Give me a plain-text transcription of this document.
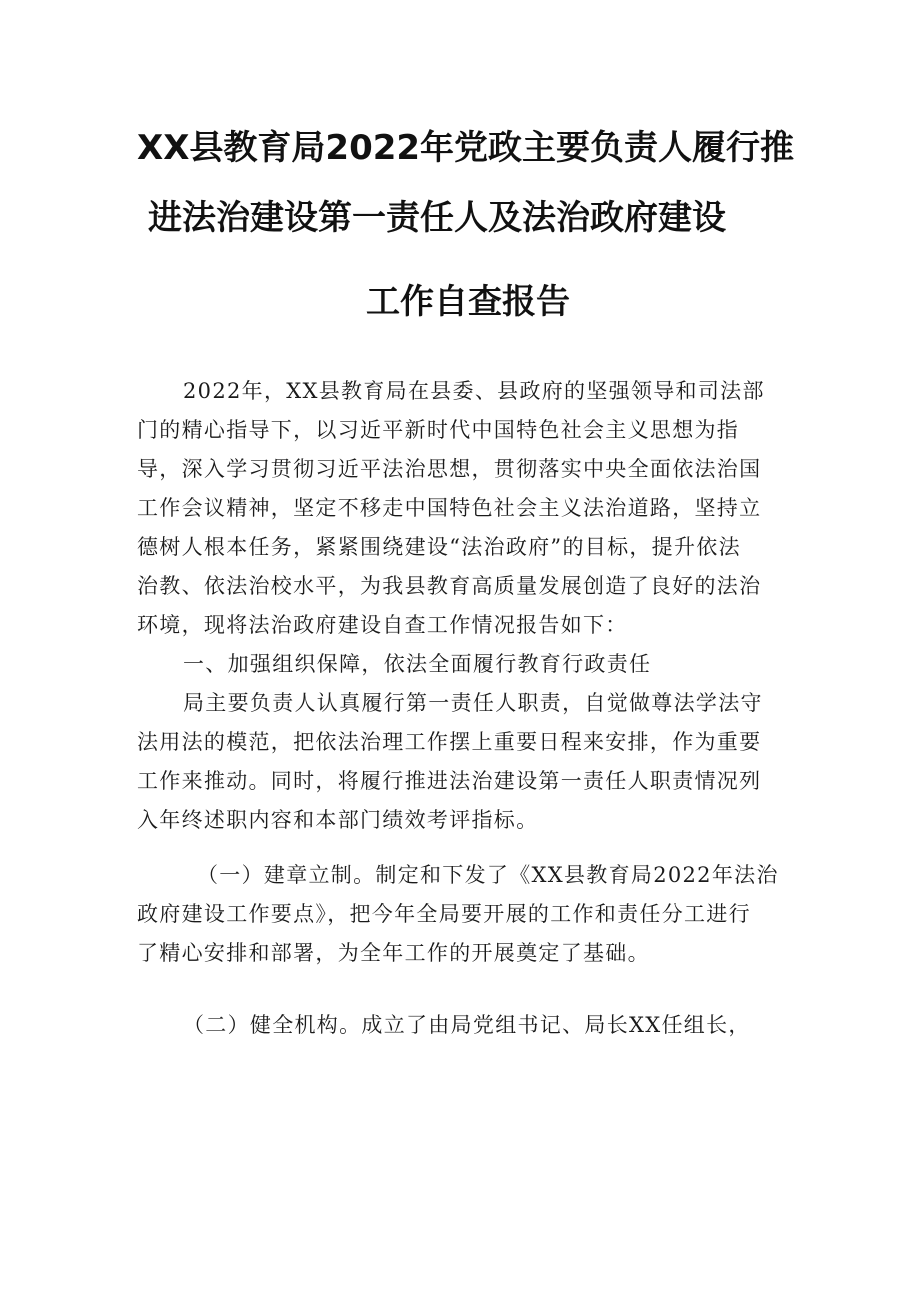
XX县教育局2022年党政主要负责人履行推
进法治建设第一责任人及法治政府建设
工作自查报告
2022年，XX县教育局在县委、县政府的坚强领导和司法部
门的精心指导下，以习近平新时代中国特色社会主义思想为指
导，深入学习贯彻习近平法治思想，贯彻落实中央全面依法治国
工作会议精神，坚定不移走中国特色社会主义法治道路，坚持立
德树人根本任务，紧紧围绕建设“法治政府”的目标，提升依法
治教、依法治校水平，为我县教育高质量发展创造了良好的法治
环境，现将法治政府建设自查工作情况报告如下：
一、加强组织保障，依法全面履行教育行政责任
局主要负责人认真履行第一责任人职责，自觉做尊法学法守
法用法的模范，把依法治理工作摆上重要日程来安排，作为重要
工作来推动。同时，将履行推进法治建设第一责任人职责情况列
入年终述职内容和本部门绩效考评指标。
（一）建章立制。制定和下发了《XX县教育局2022年法治
政府建设工作要点》，把今年全局要开展的工作和责任分工进行
了精心安排和部署，为全年工作的开展奠定了基础。
（二）健全机构。成立了由局党组书记、局长XX任组长，
